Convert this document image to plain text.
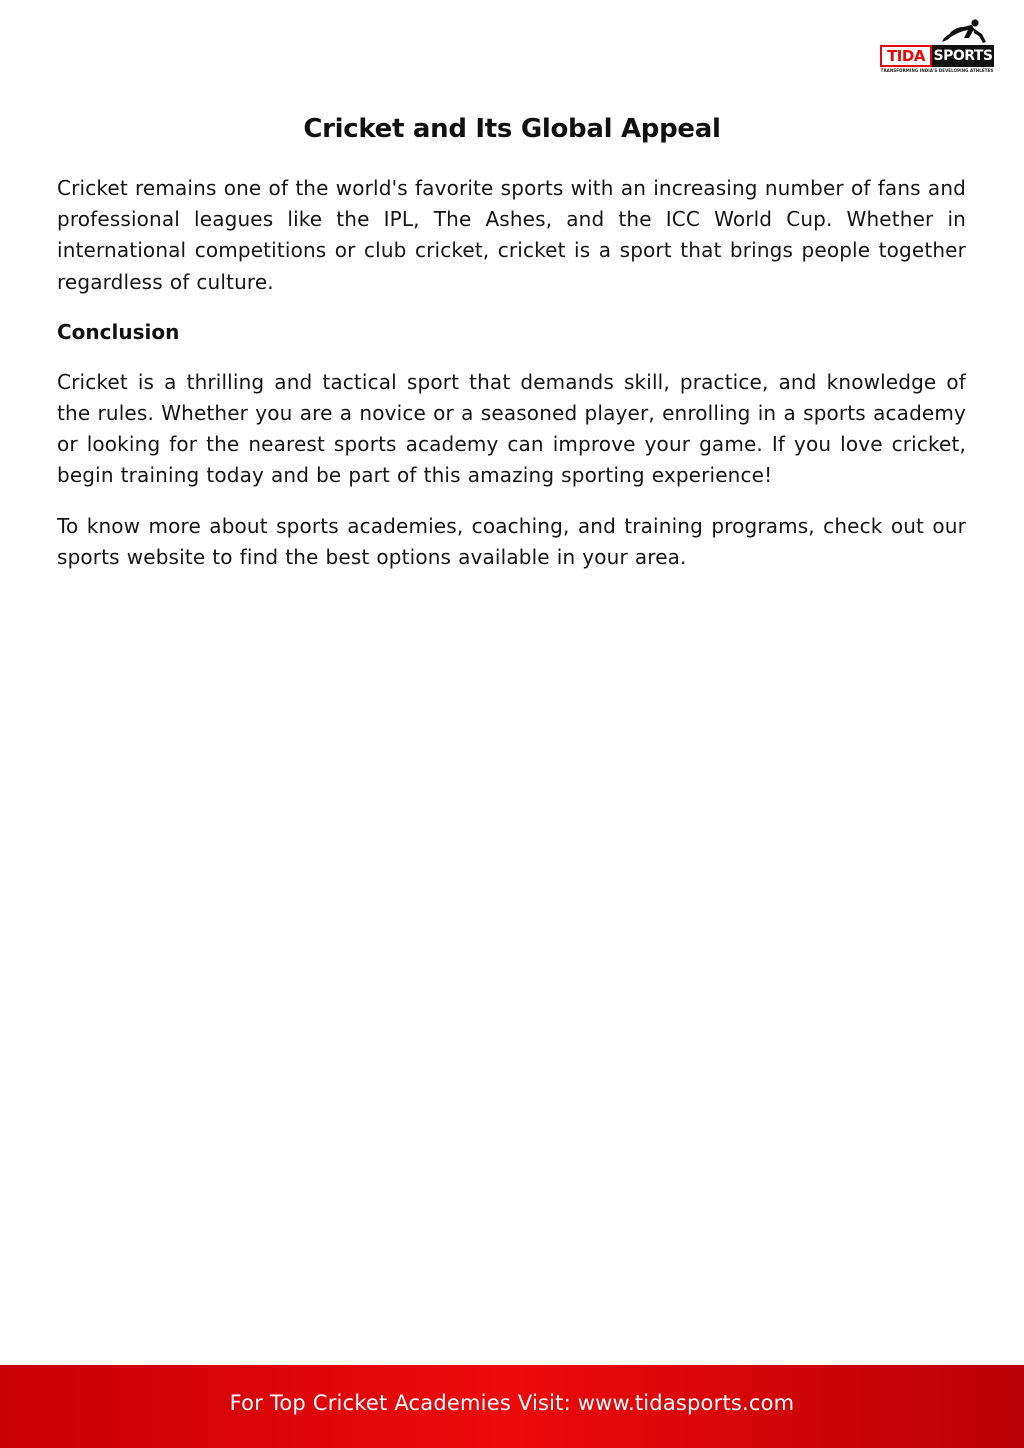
TIDA SPORTS
TRANSFORMING INDIA'S DEVELOPING ATHLETES
Cricket and Its Global Appeal

Cricket remains one of the world's favorite sports with an increasing number of fans and professional leagues like the IPL, The Ashes, and the ICC World Cup. Whether in international competitions or club cricket, cricket is a sport that brings people together regardless of culture.

Conclusion

Cricket is a thrilling and tactical sport that demands skill, practice, and knowledge of the rules. Whether you are a novice or a seasoned player, enrolling in a sports academy or looking for the nearest sports academy can improve your game. If you love cricket, begin training today and be part of this amazing sporting experience!

To know more about sports academies, coaching, and training programs, check out our sports website to find the best options available in your area.

For Top Cricket Academies Visit: www.tidasports.com
